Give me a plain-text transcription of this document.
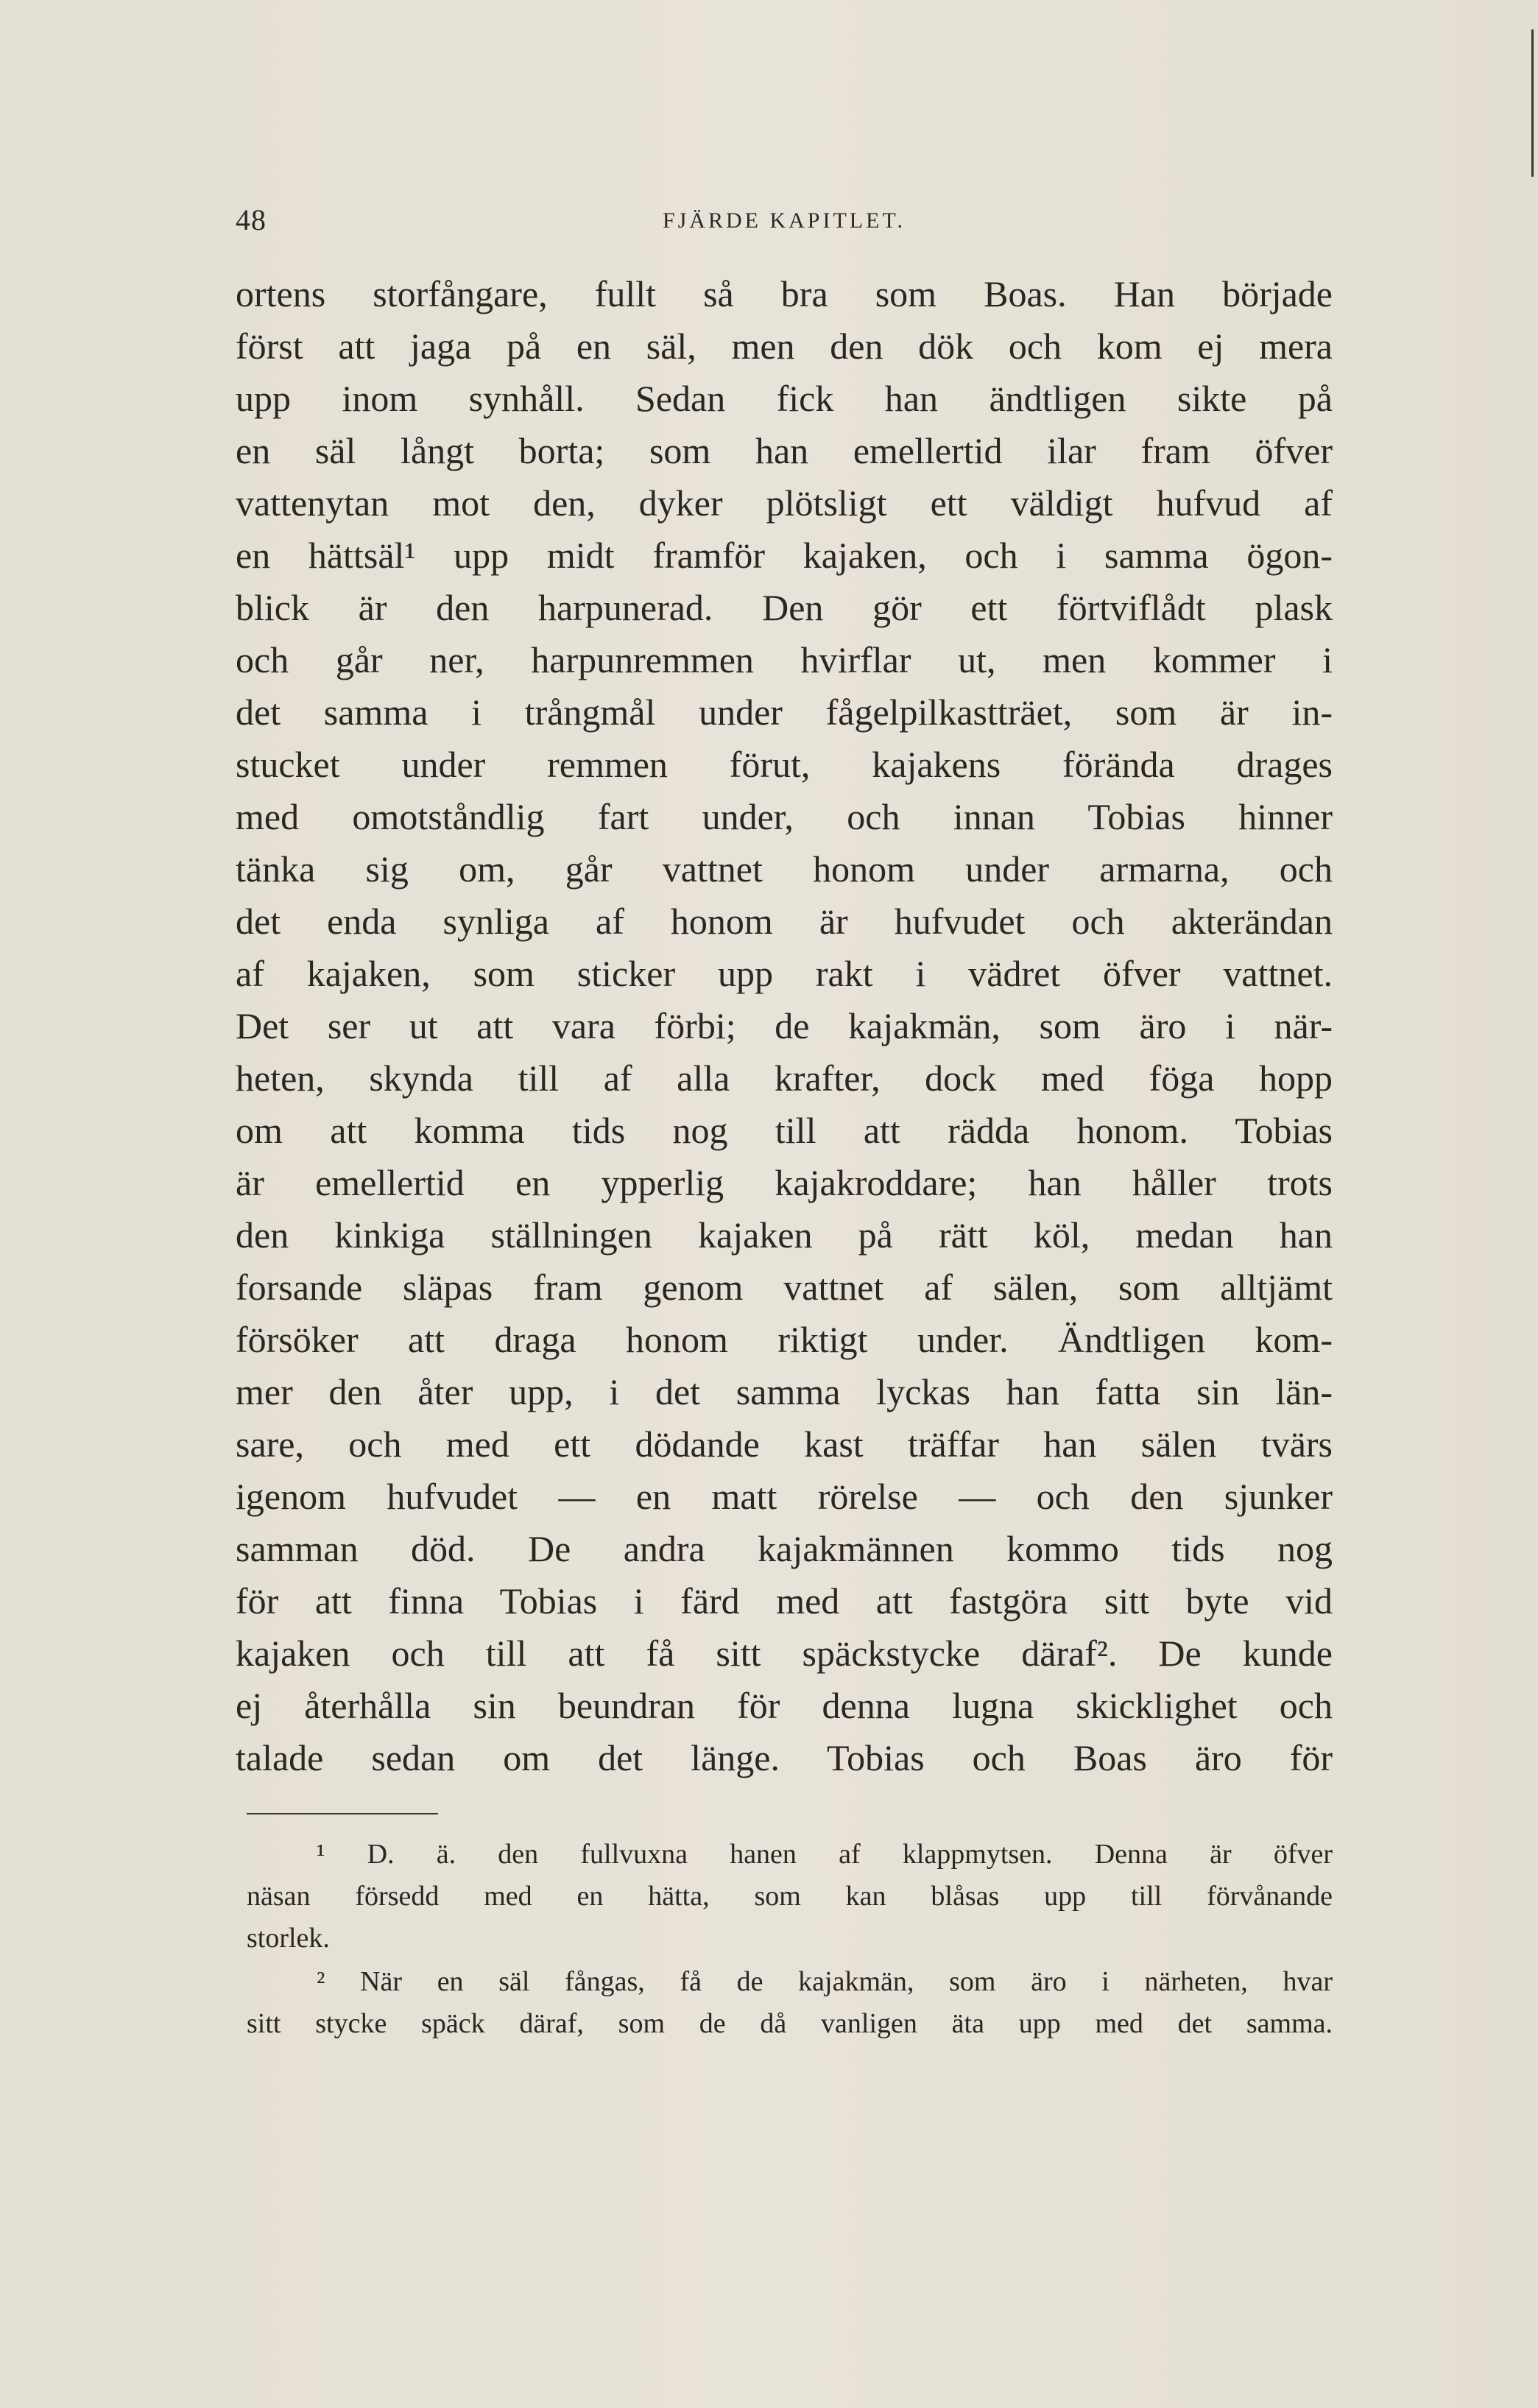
48	FJÄRDE KAPITLET.
ortens storfångare, fullt så bra som Boas. Han började
först att jaga på en säl, men den dök och kom ej mera
upp inom synhåll. Sedan fick han ändtligen sikte på
en säl långt borta; som han emellertid ilar fram öfver
vattenytan mot den, dyker plötsligt ett väldigt hufvud af
en hättsäl¹ upp midt framför kajaken, och i samma ögon-
blick är den harpunerad. Den gör ett förtviflådt plask
och går ner, harpunremmen hvirflar ut, men kommer i
det samma i trångmål under fågelpilkastträet, som är in-
stucket under remmen förut, kajakens förända drages
med omotståndlig fart under, och innan Tobias hinner
tänka sig om, går vattnet honom under armarna, och
det enda synliga af honom är hufvudet och akterändan
af kajaken, som sticker upp rakt i vädret öfver vattnet.
Det ser ut att vara förbi; de kajakmän, som äro i när-
heten, skynda till af alla krafter, dock med föga hopp
om att komma tids nog till att rädda honom. Tobias
är emellertid en ypperlig kajakroddare; han håller trots
den kinkiga ställningen kajaken på rätt köl, medan han
forsande släpas fram genom vattnet af sälen, som alltjämt
försöker att draga honom riktigt under. Ändtligen kom-
mer den åter upp, i det samma lyckas han fatta sin län-
sare, och med ett dödande kast träffar han sälen tvärs
igenom hufvudet — en matt rörelse — och den sjunker
samman död. De andra kajakmännen kommo tids nog
för att finna Tobias i färd med att fastgöra sitt byte vid
kajaken och till att få sitt späckstycke däraf². De kunde
ej återhålla sin beundran för denna lugna skicklighet och
talade sedan om det länge. Tobias och Boas äro för
¹ D. ä. den fullvuxna hanen af klappmytsen. Denna är öfver
näsan försedd med en hätta, som kan blåsas upp till förvånande
storlek.
² När en säl fångas, få de kajakmän, som äro i närheten, hvar
sitt stycke späck däraf, som de då vanligen äta upp med det samma.
